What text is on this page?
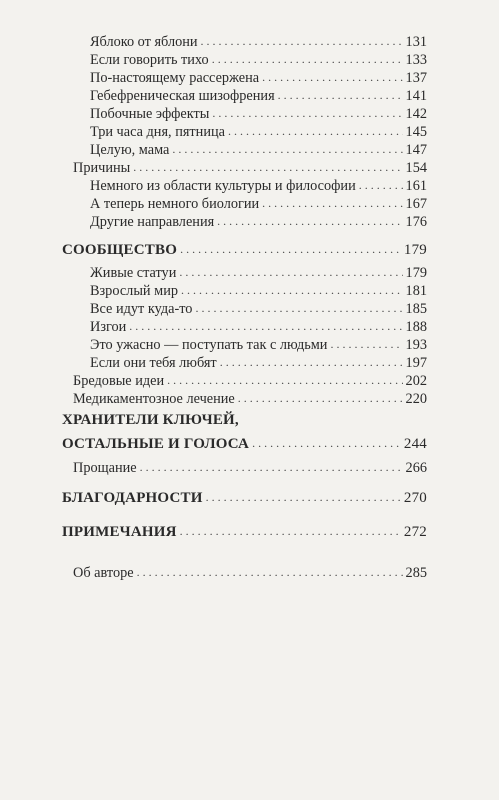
Яблоко от яблони . . .	131
Если говорить тихо . . .	133
По-настоящему рассержена . . .	137
Гебефреническая шизофрения . . .	141
Побочные эффекты . . .	142
Три часа дня, пятница . . .	145
Целую, мама . . .	147
Причины . . .	154
Немного из области культуры и философии . . .	161
А теперь немного биологии . . .	167
Другие направления . . .	176
СООБЩЕСТВО . . .	179
Живые статуи . . .	179
Взрослый мир . . .	181
Все идут куда-то . . .	185
Изгои . . .	188
Это ужасно — поступать так с людьми . . .	193
Если они тебя любят . . .	197
Бредовые идеи . . .	202
Медикаментозное лечение . . .	220
ХРАНИТЕЛИ КЛЮЧЕЙ,
ОСТАЛЬНЫЕ И ГОЛОСА . . .	244
Прощание . . .	266
БЛАГОДАРНОСТИ . . .	270
ПРИМЕЧАНИЯ . . .	272
Об авторе . . .	285
